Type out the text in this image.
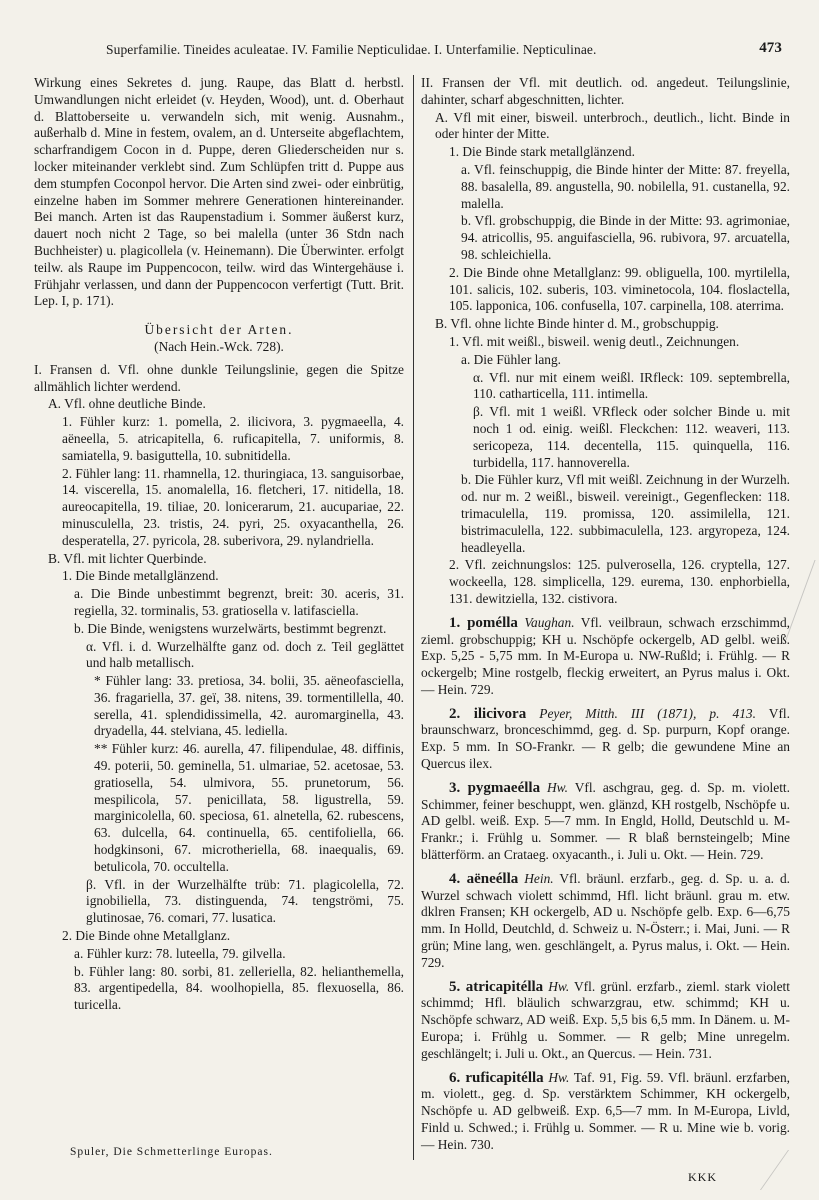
Superfamilie. Tineides aculeatae. IV. Familie Nepticulidae. I. Unterfamilie. Nepticulinae.	473

Wirkung eines Sekretes d. jung. Raupe, das Blatt d. herbstl. Umwandlungen nicht erleidet (v. Heyden, Wood), unt. d. Oberhaut d. Blattoberseite u. verwandeln sich, mit wenig. Ausnahm., außerhalb d. Mine in festem, ovalem, an d. Unterseite abgeflachtem, scharfrandigem Cocon in d. Puppe, deren Gliederscheiden nur s. locker miteinander verklebt sind. Zum Schlüpfen tritt d. Puppe aus dem stumpfen Coconpol hervor. Die Arten sind zwei- oder einbrütig, einzelne haben im Sommer mehrere Generationen hintereinander. Bei manch. Arten ist das Raupenstadium i. Sommer äußerst kurz, dauert noch nicht 2 Tage, so bei malella (unter 36 Stdn nach Buchheister) u. plagicollela (v. Heinemann). Die Überwinter. erfolgt teilw. als Raupe im Puppencocon, teilw. wird das Wintergehäuse i. Frühjahr verlassen, und dann der Puppencocon verfertigt (Tutt. Brit. Lep. I, p. 171).

Übersicht der Arten.

(Nach Hein.-Wck. 728).

I. Fransen d. Vfl. ohne dunkle Teilungslinie, gegen die Spitze allmählich lichter werdend.

A. Vfl. ohne deutliche Binde.

1. Fühler kurz: 1. pomella, 2. ilicivora, 3. pygmaeella, 4. aëneella, 5. atricapitella, 6. ruficapitella, 7. uniformis, 8. samiatella, 9. basiguttella, 10. subnitidella.

2. Fühler lang: 11. rhamnella, 12. thuringiaca, 13. sanguisorbae, 14. viscerella, 15. anomalella, 16. fletcheri, 17. nitidella, 18. aureocapitella, 19. tiliae, 20. lonicerarum, 21. aucupariae, 22. minusculella, 23. tristis, 24. pyri, 25. oxyacanthella, 26. desperatella, 27. pyricola, 28. suberivora, 29. nylandriella.

B. Vfl. mit lichter Querbinde.

1. Die Binde metallglänzend.

a. Die Binde unbestimmt begrenzt, breit: 30. aceris, 31. regiella, 32. torminalis, 53. gratiosella v. latifasciella.

b. Die Binde, wenigstens wurzelwärts, bestimmt begrenzt.

α. Vfl. i. d. Wurzelhälfte ganz od. doch z. Teil geglättet und halb metallisch.

* Fühler lang: 33. pretiosa, 34. bolii, 35. aëneofasciella, 36. fragariella, 37. geï, 38. nitens, 39. tormentillella, 40. serella, 41. splendidissimella, 42. auromarginella, 43. dryadella, 44. stelviana, 45. lediella.

** Fühler kurz: 46. aurella, 47. filipendulae, 48. diffinis, 49. poterii, 50. geminella, 51. ulmariae, 52. acetosae, 53. gratiosella, 54. ulmivora, 55. prunetorum, 56. mespilicola, 57. penicillata, 58. ligustrella, 59. marginicolella, 60. speciosa, 61. alnetella, 62. rubescens, 63. dulcella, 64. continuella, 65. centifoliella, 66. hodgkinsoni, 67. microtheriella, 68. inaequalis, 69. betulicola, 70. occultella.

β. Vfl. in der Wurzelhälfte trüb: 71. plagicolella, 72. ignobiliella, 73. distinguenda, 74. tengströmi, 75. glutinosae, 76. comari, 77. lusatica.

2. Die Binde ohne Metallglanz.

a. Fühler kurz: 78. luteella, 79. gilvella.

b. Fühler lang: 80. sorbi, 81. zelleriella, 82. helianthemella, 83. argentipedella, 84. woolhopiella, 85. flexuosella, 86. turicella.

II. Fransen der Vfl. mit deutlich. od. angedeut. Teilungslinie, dahinter, scharf abgeschnitten, lichter.

A. Vfl mit einer, bisweil. unterbroch., deutlich., licht. Binde in oder hinter der Mitte.

1. Die Binde stark metallglänzend.

a. Vfl. feinschuppig, die Binde hinter der Mitte: 87. freyella, 88. basalella, 89. angustella, 90. nobilella, 91. custanella, 92. malella.

b. Vfl. grobschuppig, die Binde in der Mitte: 93. agrimoniae, 94. atricollis, 95. anguifasciella, 96. rubivora, 97. arcuatella, 98. schleichiella.

2. Die Binde ohne Metallglanz: 99. obliguella, 100. myrtilella, 101. salicis, 102. suberis, 103. viminetocola, 104. floslactella, 105. lapponica, 106. confusella, 107. carpinella, 108. aterrima.

B. Vfl. ohne lichte Binde hinter d. M., grobschuppig.

1. Vfl. mit weißl., bisweil. wenig deutl., Zeichnungen.

a. Die Fühler lang.

α. Vfl. nur mit einem weißl. IRfleck: 109. septembrella, 110. catharticella, 111. intimella.

β. Vfl. mit 1 weißl. VRfleck oder solcher Binde u. mit noch 1 od. einig. weißl. Fleckchen: 112. weaveri, 113. sericopeza, 114. decentella, 115. quinquella, 116. turbidella, 117. hannoverella.

b. Die Fühler kurz, Vfl mit weißl. Zeichnung in der Wurzelh. od. nur m. 2 weißl., bisweil. vereinigt., Gegenflecken: 118. trimaculella, 119. promissa, 120. assimilella, 121. bistrimaculella, 122. subbimaculella, 123. argyropeza, 124. headleyella.

2. Vfl. zeichnungslos: 125. pulverosella, 126. cryptella, 127. wockeella, 128. simplicella, 129. eurema, 130. enphorbiella, 131. dewitziella, 132. cistivora.

1. pomélla Vaughan. Vfl. veilbraun, schwach erzschimmd, zieml. grobschuppig; KH u. Nschöpfe ockergelb, AD gelbl. weiß. Exp. 5,25 - 5,75 mm. In M-Europa u. NW-Rußld; i. Frühlg. — R ockergelb; Mine rostgelb, fleckig erweitert, an Pyrus malus i. Okt. — Hein. 729.

2. ilicivora Peyer, Mitth. III (1871), p. 413. Vfl. braunschwarz, bronceschimmd, geg. d. Sp. purpurn, Kopf orange. Exp. 5 mm. In SO-Frankr. — R gelb; die gewundene Mine an Quercus ilex.

3. pygmaeélla Hw. Vfl. aschgrau, geg. d. Sp. m. violett. Schimmer, feiner beschuppt, wen. glänzd, KH rostgelb, Nschöpfe u. AD gelbl. weiß. Exp. 5—7 mm. In Engld, Holld, Deutschld u. M-Frankr.; i. Frühlg u. Sommer. — R blaß bernsteingelb; Mine blätterförm. an Crataeg. oxyacanth., i. Juli u. Okt. — Hein. 729.

4. aëneélla Hein. Vfl. bräunl. erzfarb., geg. d. Sp. u. a. d. Wurzel schwach violett schimmd, Hfl. licht bräunl. grau m. etw. dklren Fransen; KH ockergelb, AD u. Nschöpfe gelb. Exp. 6—6,75 mm. In Holld, Deutchld, d. Schweiz u. N-Österr.; i. Mai, Juni. — R grün; Mine lang, wen. geschlängelt, a. Pyrus malus, i. Okt. — Hein. 729.

5. atricapitélla Hw. Vfl. grünl. erzfarb., zieml. stark violett schimmd; Hfl. bläulich schwarzgrau, etw. schimmd; KH u. Nschöpfe schwarz, AD weiß. Exp. 5,5 bis 6,5 mm. In Dänem. u. M-Europa; i. Frühlg u. Sommer. — R gelb; Mine unregelm. geschlängelt; i. Juli u. Okt., an Quercus. — Hein. 731.

6. ruficapitélla Hw. Taf. 91, Fig. 59. Vfl. bräunl. erzfarben, m. violett., geg. d. Sp. verstärktem Schimmer, KH ockergelb, Nschöpfe u. AD gelbweiß. Exp. 6,5—7 mm. In M-Europa, Livld, Finld u. Schwed.; i. Frühlg u. Sommer. — R u. Mine wie b. vorig. — Hein. 730.

Spuler, Die Schmetterlinge Europas.
KKK
